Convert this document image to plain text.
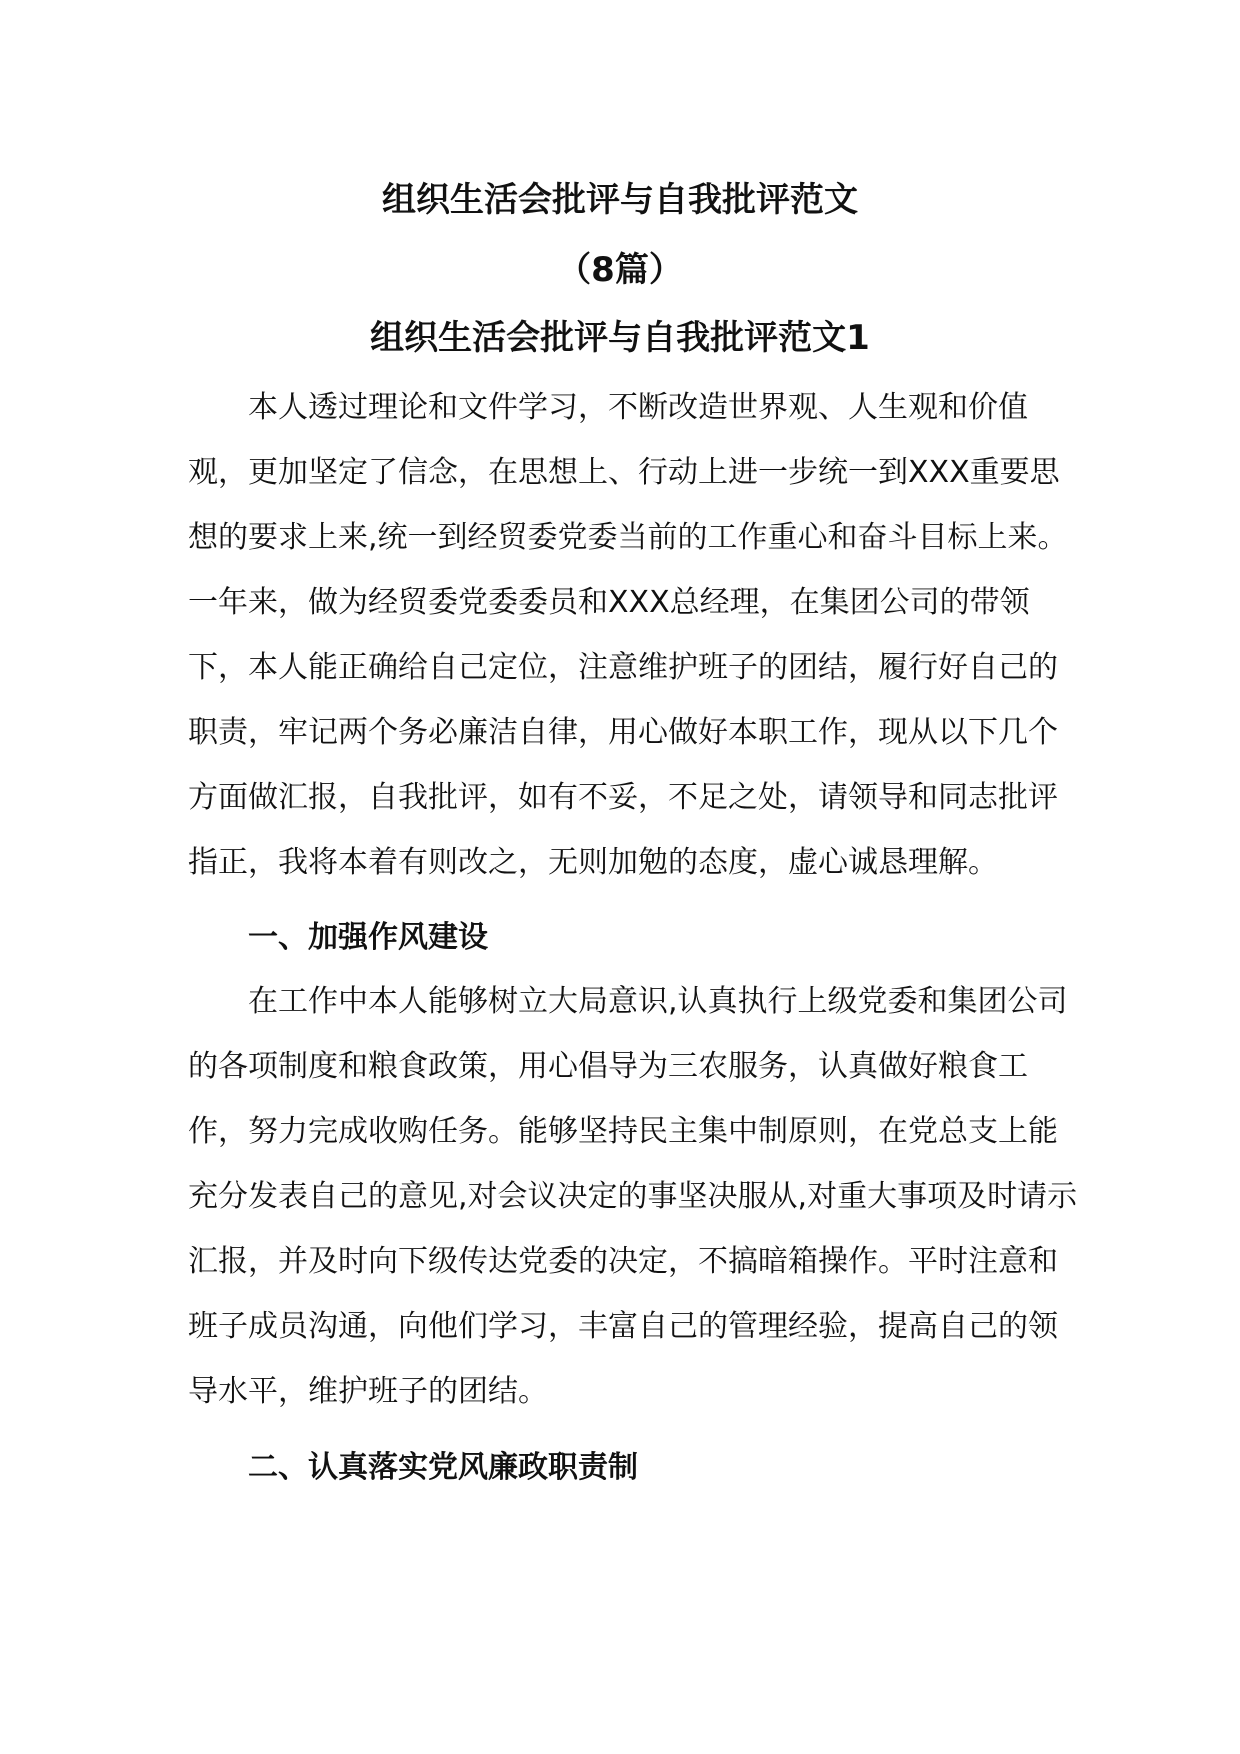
组织生活会批评与自我批评范文
（8篇）
组织生活会批评与自我批评范文1
本人透过理论和文件学习，不断改造世界观、人生观和价值
观，更加坚定了信念，在思想上、行动上进一步统一到XXX重要思
想的要求上来,统一到经贸委党委当前的工作重心和奋斗目标上来。
一年来，做为经贸委党委委员和XXX总经理，在集团公司的带领
下，本人能正确给自己定位，注意维护班子的团结，履行好自己的
职责，牢记两个务必廉洁自律，用心做好本职工作，现从以下几个
方面做汇报，自我批评，如有不妥，不足之处，请领导和同志批评
指正，我将本着有则改之，无则加勉的态度，虚心诚恳理解。
一、加强作风建设
在工作中本人能够树立大局意识,认真执行上级党委和集团公司
的各项制度和粮食政策，用心倡导为三农服务，认真做好粮食工
作，努力完成收购任务。能够坚持民主集中制原则，在党总支上能
充分发表自己的意见,对会议决定的事坚决服从,对重大事项及时请示
汇报，并及时向下级传达党委的决定，不搞暗箱操作。平时注意和
班子成员沟通，向他们学习，丰富自己的管理经验，提高自己的领
导水平，维护班子的团结。
二、认真落实党风廉政职责制
